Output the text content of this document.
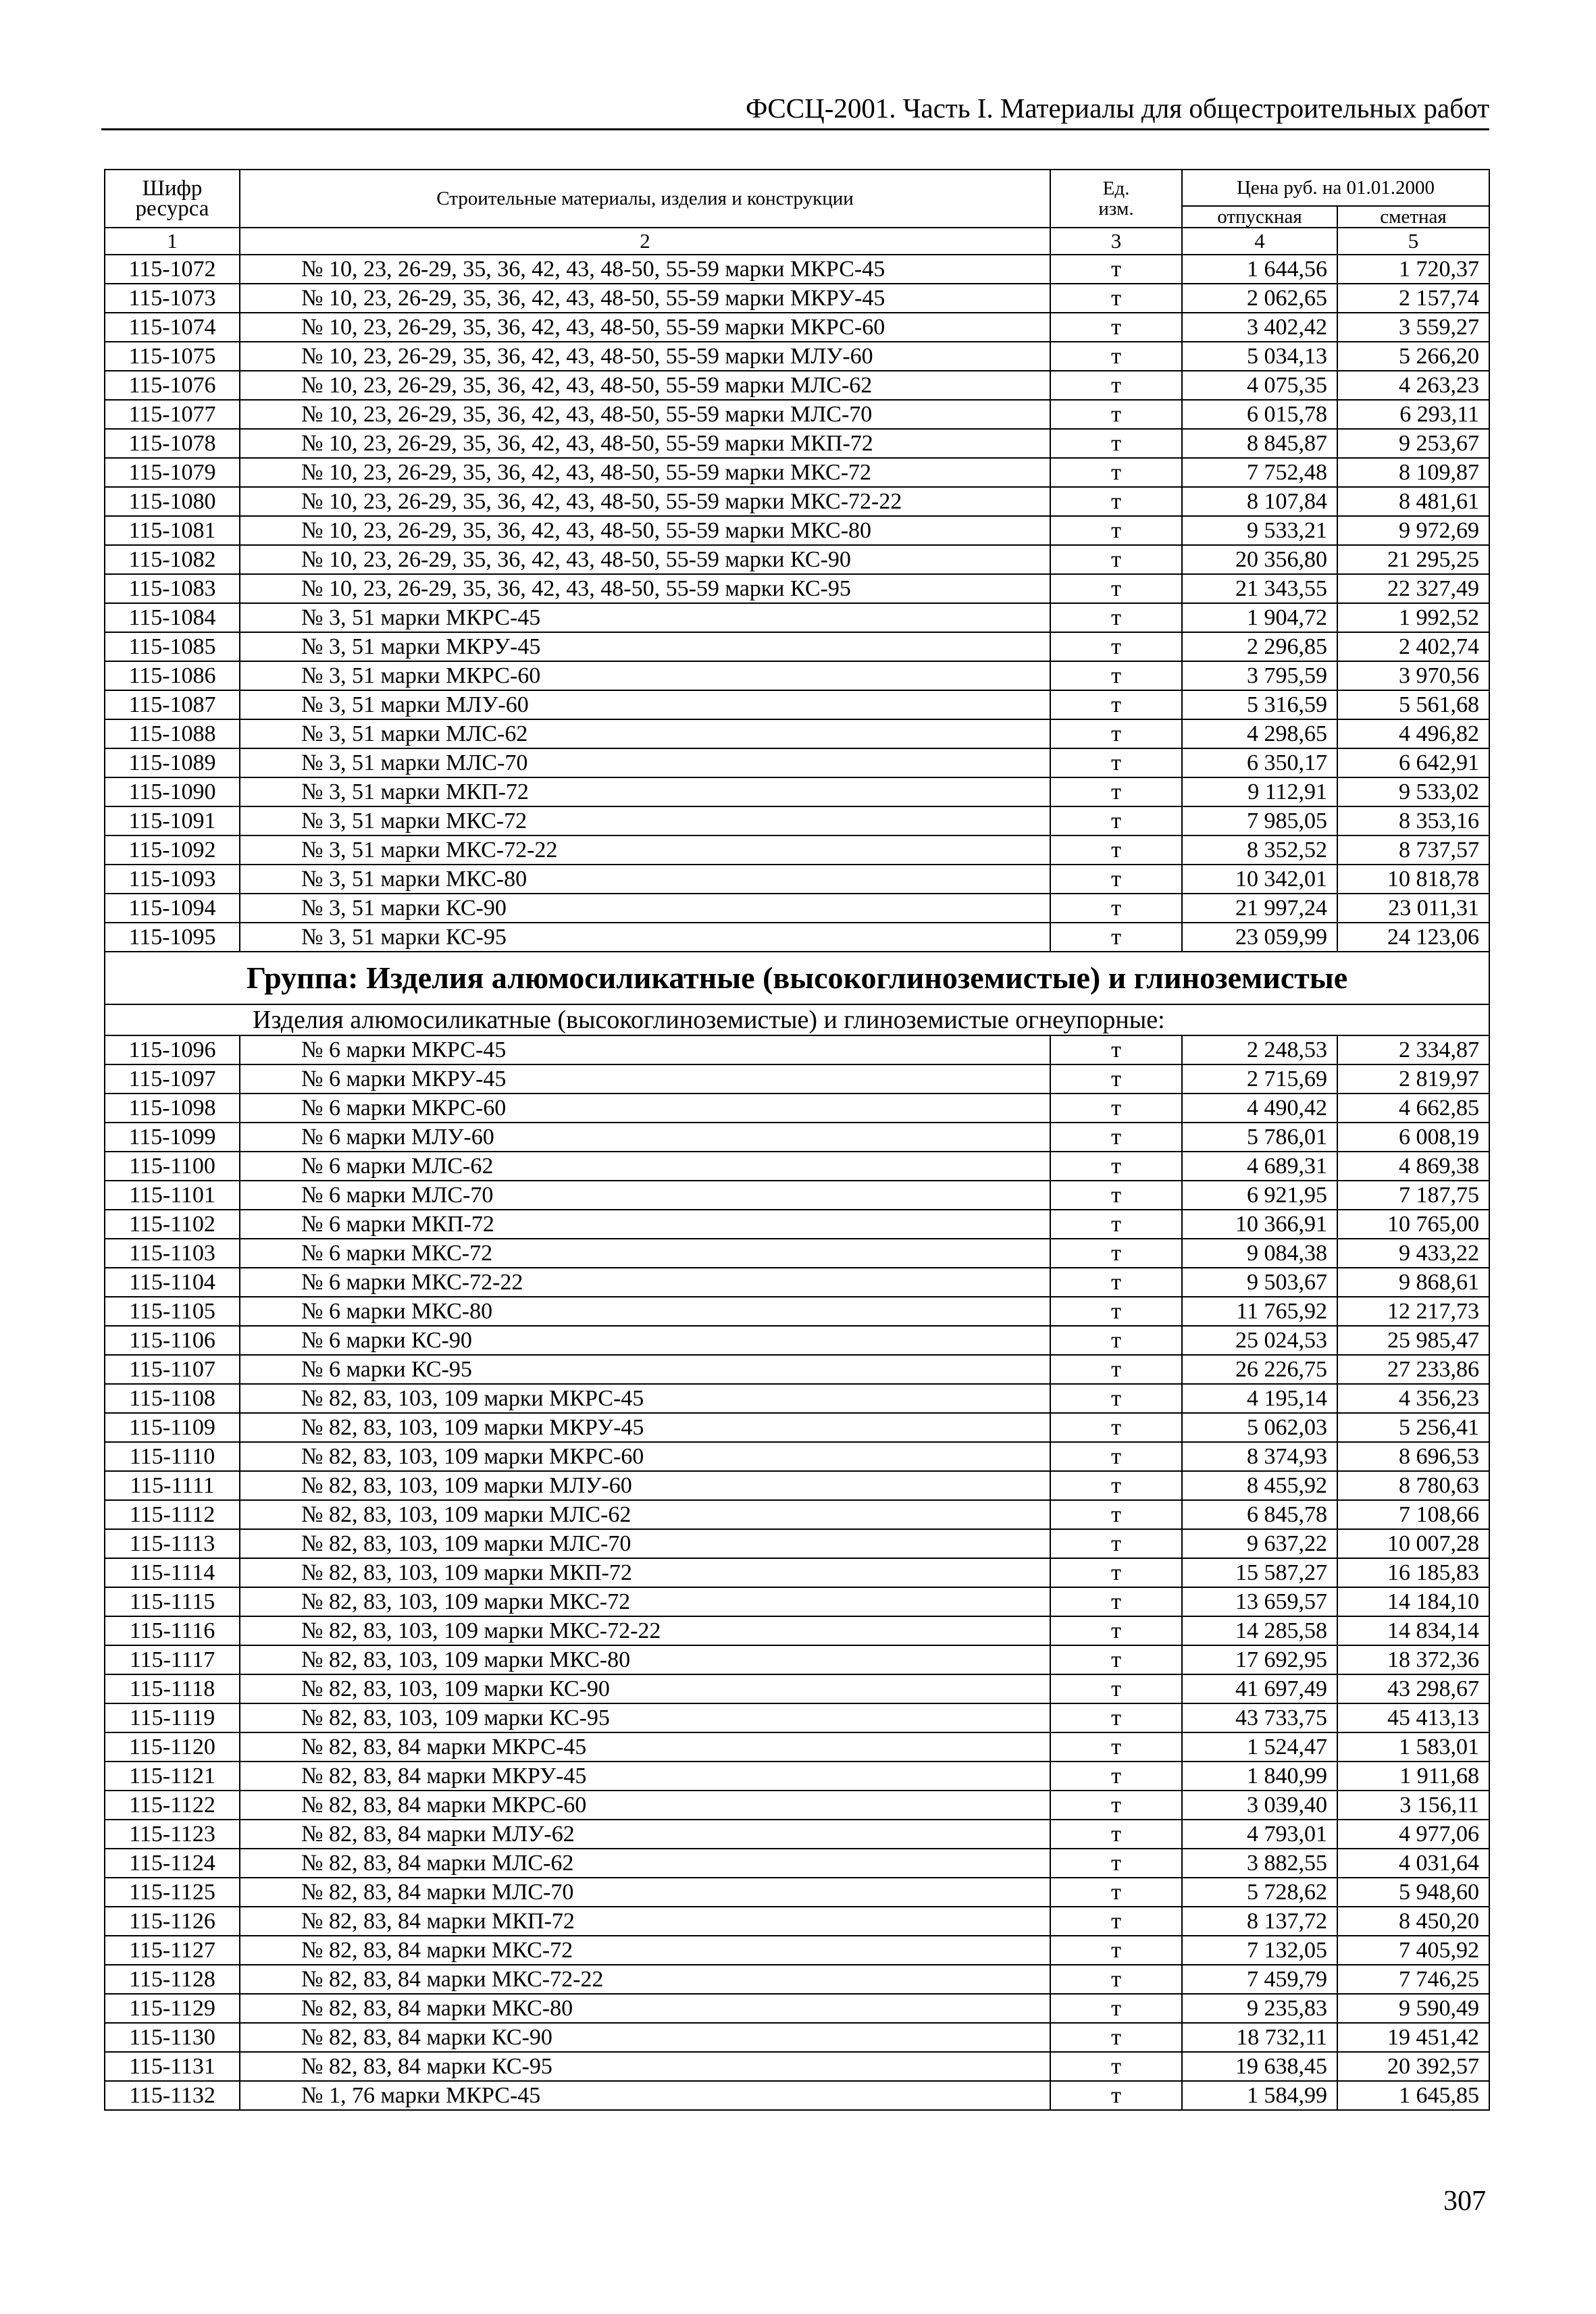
ФССЦ-2001. Часть I. Материалы для общестроительных работ
Шифр ресурса	Строительные материалы, изделия и конструкции	Ед. изм.	Цена руб. на 01.01.2000	
			отпускная	сметная
1	2	3	4	5
115-1072	№ 10, 23, 26-29, 35, 36, 42, 43, 48-50, 55-59 марки МКРС-45	т	1 644,56	1 720,37
115-1073	№ 10, 23, 26-29, 35, 36, 42, 43, 48-50, 55-59 марки МКРУ-45	т	2 062,65	2 157,74
115-1074	№ 10, 23, 26-29, 35, 36, 42, 43, 48-50, 55-59 марки МКРС-60	т	3 402,42	3 559,27
115-1075	№ 10, 23, 26-29, 35, 36, 42, 43, 48-50, 55-59 марки МЛУ-60	т	5 034,13	5 266,20
115-1076	№ 10, 23, 26-29, 35, 36, 42, 43, 48-50, 55-59 марки МЛС-62	т	4 075,35	4 263,23
115-1077	№ 10, 23, 26-29, 35, 36, 42, 43, 48-50, 55-59 марки МЛС-70	т	6 015,78	6 293,11
115-1078	№ 10, 23, 26-29, 35, 36, 42, 43, 48-50, 55-59 марки МКП-72	т	8 845,87	9 253,67
115-1079	№ 10, 23, 26-29, 35, 36, 42, 43, 48-50, 55-59 марки МКС-72	т	7 752,48	8 109,87
115-1080	№ 10, 23, 26-29, 35, 36, 42, 43, 48-50, 55-59 марки МКС-72-22	т	8 107,84	8 481,61
115-1081	№ 10, 23, 26-29, 35, 36, 42, 43, 48-50, 55-59 марки МКС-80	т	9 533,21	9 972,69
115-1082	№ 10, 23, 26-29, 35, 36, 42, 43, 48-50, 55-59 марки КС-90	т	20 356,80	21 295,25
115-1083	№ 10, 23, 26-29, 35, 36, 42, 43, 48-50, 55-59 марки КС-95	т	21 343,55	22 327,49
115-1084	№ 3, 51 марки МКРС-45	т	1 904,72	1 992,52
115-1085	№ 3, 51 марки МКРУ-45	т	2 296,85	2 402,74
115-1086	№ 3, 51 марки МКРС-60	т	3 795,59	3 970,56
115-1087	№ 3, 51 марки МЛУ-60	т	5 316,59	5 561,68
115-1088	№ 3, 51 марки МЛС-62	т	4 298,65	4 496,82
115-1089	№ 3, 51 марки МЛС-70	т	6 350,17	6 642,91
115-1090	№ 3, 51 марки МКП-72	т	9 112,91	9 533,02
115-1091	№ 3, 51 марки МКС-72	т	7 985,05	8 353,16
115-1092	№ 3, 51 марки МКС-72-22	т	8 352,52	8 737,57
115-1093	№ 3, 51 марки МКС-80	т	10 342,01	10 818,78
115-1094	№ 3, 51 марки КС-90	т	21 997,24	23 011,31
115-1095	№ 3, 51 марки КС-95	т	23 059,99	24 123,06
Группа: Изделия алюмосиликатные (высокоглиноземистые) и глиноземистые				
Изделия алюмосиликатные (высокоглиноземистые) и глиноземистые огнеупорные:				
115-1096	№ 6 марки МКРС-45	т	2 248,53	2 334,87
115-1097	№ 6 марки МКРУ-45	т	2 715,69	2 819,97
115-1098	№ 6 марки МКРС-60	т	4 490,42	4 662,85
115-1099	№ 6 марки МЛУ-60	т	5 786,01	6 008,19
115-1100	№ 6 марки МЛС-62	т	4 689,31	4 869,38
115-1101	№ 6 марки МЛС-70	т	6 921,95	7 187,75
115-1102	№ 6 марки МКП-72	т	10 366,91	10 765,00
115-1103	№ 6 марки МКС-72	т	9 084,38	9 433,22
115-1104	№ 6 марки МКС-72-22	т	9 503,67	9 868,61
115-1105	№ 6 марки МКС-80	т	11 765,92	12 217,73
115-1106	№ 6 марки КС-90	т	25 024,53	25 985,47
115-1107	№ 6 марки КС-95	т	26 226,75	27 233,86
115-1108	№ 82, 83, 103, 109 марки МКРС-45	т	4 195,14	4 356,23
115-1109	№ 82, 83, 103, 109 марки МКРУ-45	т	5 062,03	5 256,41
115-1110	№ 82, 83, 103, 109 марки МКРС-60	т	8 374,93	8 696,53
115-1111	№ 82, 83, 103, 109 марки МЛУ-60	т	8 455,92	8 780,63
115-1112	№ 82, 83, 103, 109 марки МЛС-62	т	6 845,78	7 108,66
115-1113	№ 82, 83, 103, 109 марки МЛС-70	т	9 637,22	10 007,28
115-1114	№ 82, 83, 103, 109 марки МКП-72	т	15 587,27	16 185,83
115-1115	№ 82, 83, 103, 109 марки МКС-72	т	13 659,57	14 184,10
115-1116	№ 82, 83, 103, 109 марки МКС-72-22	т	14 285,58	14 834,14
115-1117	№ 82, 83, 103, 109 марки МКС-80	т	17 692,95	18 372,36
115-1118	№ 82, 83, 103, 109 марки КС-90	т	41 697,49	43 298,67
115-1119	№ 82, 83, 103, 109 марки КС-95	т	43 733,75	45 413,13
115-1120	№ 82, 83, 84 марки МКРС-45	т	1 524,47	1 583,01
115-1121	№ 82, 83, 84 марки МКРУ-45	т	1 840,99	1 911,68
115-1122	№ 82, 83, 84 марки МКРС-60	т	3 039,40	3 156,11
115-1123	№ 82, 83, 84 марки МЛУ-62	т	4 793,01	4 977,06
115-1124	№ 82, 83, 84 марки МЛС-62	т	3 882,55	4 031,64
115-1125	№ 82, 83, 84 марки МЛС-70	т	5 728,62	5 948,60
115-1126	№ 82, 83, 84 марки МКП-72	т	8 137,72	8 450,20
115-1127	№ 82, 83, 84 марки МКС-72	т	7 132,05	7 405,92
115-1128	№ 82, 83, 84 марки МКС-72-22	т	7 459,79	7 746,25
115-1129	№ 82, 83, 84 марки МКС-80	т	9 235,83	9 590,49
115-1130	№ 82, 83, 84 марки КС-90	т	18 732,11	19 451,42
115-1131	№ 82, 83, 84 марки КС-95	т	19 638,45	20 392,57
115-1132	№ 1, 76 марки МКРС-45	т	1 584,99	1 645,85
307
